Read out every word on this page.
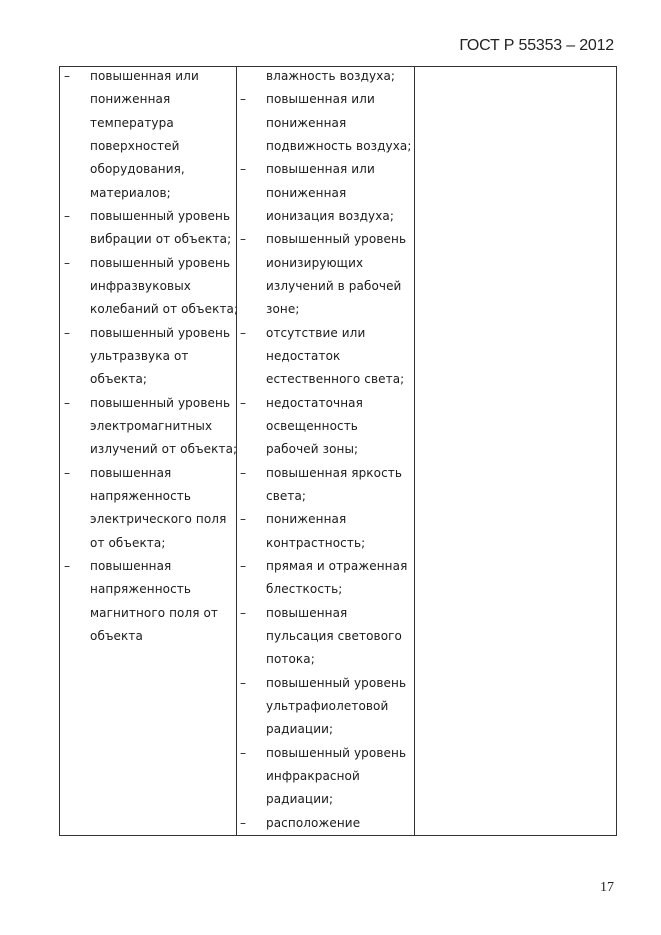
ГОСТ Р 55353 – 2012
– повышенная или
пониженная
температура
поверхностей
оборудования,
материалов;
– повышенный уровень
вибрации от объекта;
– повышенный уровень
инфразвуковых
колебаний от объекта;
– повышенный уровень
ультразвука от
объекта;
– повышенный уровень
электромагнитных
излучений от объекта;
– повышенная
напряженность
электрического поля
от объекта;
– повышенная
напряженность
магнитного поля от
объекта
влажность воздуха;
– повышенная или
пониженная
подвижность воздуха;
– повышенная или
пониженная
ионизация воздуха;
– повышенный уровень
ионизирующих
излучений в рабочей
зоне;
– отсутствие или
недостаток
естественного света;
– недостаточная
освещенность
рабочей зоны;
– повышенная яркость
света;
– пониженная
контрастность;
– прямая и отраженная
блесткость;
– повышенная
пульсация светового
потока;
– повышенный уровень
ультрафиолетовой
радиации;
– повышенный уровень
инфракрасной
радиации;
– расположение
17
